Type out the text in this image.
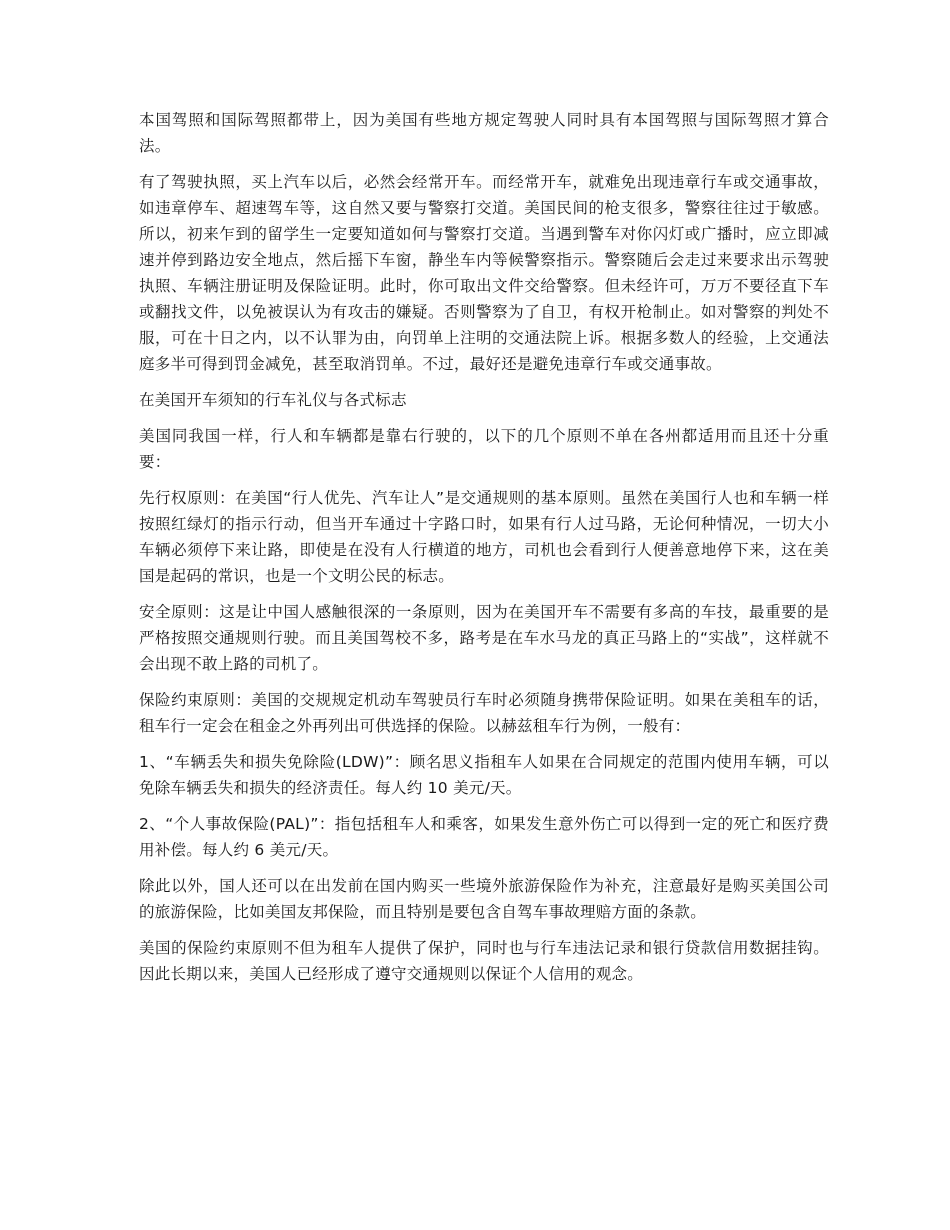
本国驾照和国际驾照都带上，因为美国有些地方规定驾驶人同时具有本国驾照与国际驾照才算合法。

有了驾驶执照，买上汽车以后，必然会经常开车。而经常开车，就难免出现违章行车或交通事故，如违章停车、超速驾车等，这自然又要与警察打交道。美国民间的枪支很多，警察往往过于敏感。所以，初来乍到的留学生一定要知道如何与警察打交道。当遇到警车对你闪灯或广播时，应立即减速并停到路边安全地点，然后摇下车窗，静坐车内等候警察指示。警察随后会走过来要求出示驾驶执照、车辆注册证明及保险证明。此时，你可取出文件交给警察。但未经许可，万万不要径直下车或翻找文件，以免被误认为有攻击的嫌疑。否则警察为了自卫，有权开枪制止。如对警察的判处不服，可在十日之内，以不认罪为由，向罚单上注明的交通法院上诉。根据多数人的经验，上交通法庭多半可得到罚金减免，甚至取消罚单。不过，最好还是避免违章行车或交通事故。

在美国开车须知的行车礼仪与各式标志

美国同我国一样，行人和车辆都是靠右行驶的，以下的几个原则不单在各州都适用而且还十分重要：

先行权原则：在美国“行人优先、汽车让人”是交通规则的基本原则。虽然在美国行人也和车辆一样按照红绿灯的指示行动，但当开车通过十字路口时，如果有行人过马路，无论何种情况，一切大小车辆必须停下来让路，即使是在没有人行横道的地方，司机也会看到行人便善意地停下来，这在美国是起码的常识，也是一个文明公民的标志。

安全原则：这是让中国人感触很深的一条原则，因为在美国开车不需要有多高的车技，最重要的是严格按照交通规则行驶。而且美国驾校不多，路考是在车水马龙的真正马路上的“实战”，这样就不会出现不敢上路的司机了。

保险约束原则：美国的交规规定机动车驾驶员行车时必须随身携带保险证明。如果在美租车的话，租车行一定会在租金之外再列出可供选择的保险。以赫兹租车行为例，一般有：

1、“车辆丢失和损失免除险(LDW)”：顾名思义指租车人如果在合同规定的范围内使用车辆，可以免除车辆丢失和损失的经济责任。每人约 10 美元/天。

2、“个人事故保险(PAL)”：指包括租车人和乘客，如果发生意外伤亡可以得到一定的死亡和医疗费用补偿。每人约 6 美元/天。

除此以外，国人还可以在出发前在国内购买一些境外旅游保险作为补充，注意最好是购买美国公司的旅游保险，比如美国友邦保险，而且特别是要包含自驾车事故理赔方面的条款。

美国的保险约束原则不但为租车人提供了保护，同时也与行车违法记录和银行贷款信用数据挂钩。因此长期以来，美国人已经形成了遵守交通规则以保证个人信用的观念。
